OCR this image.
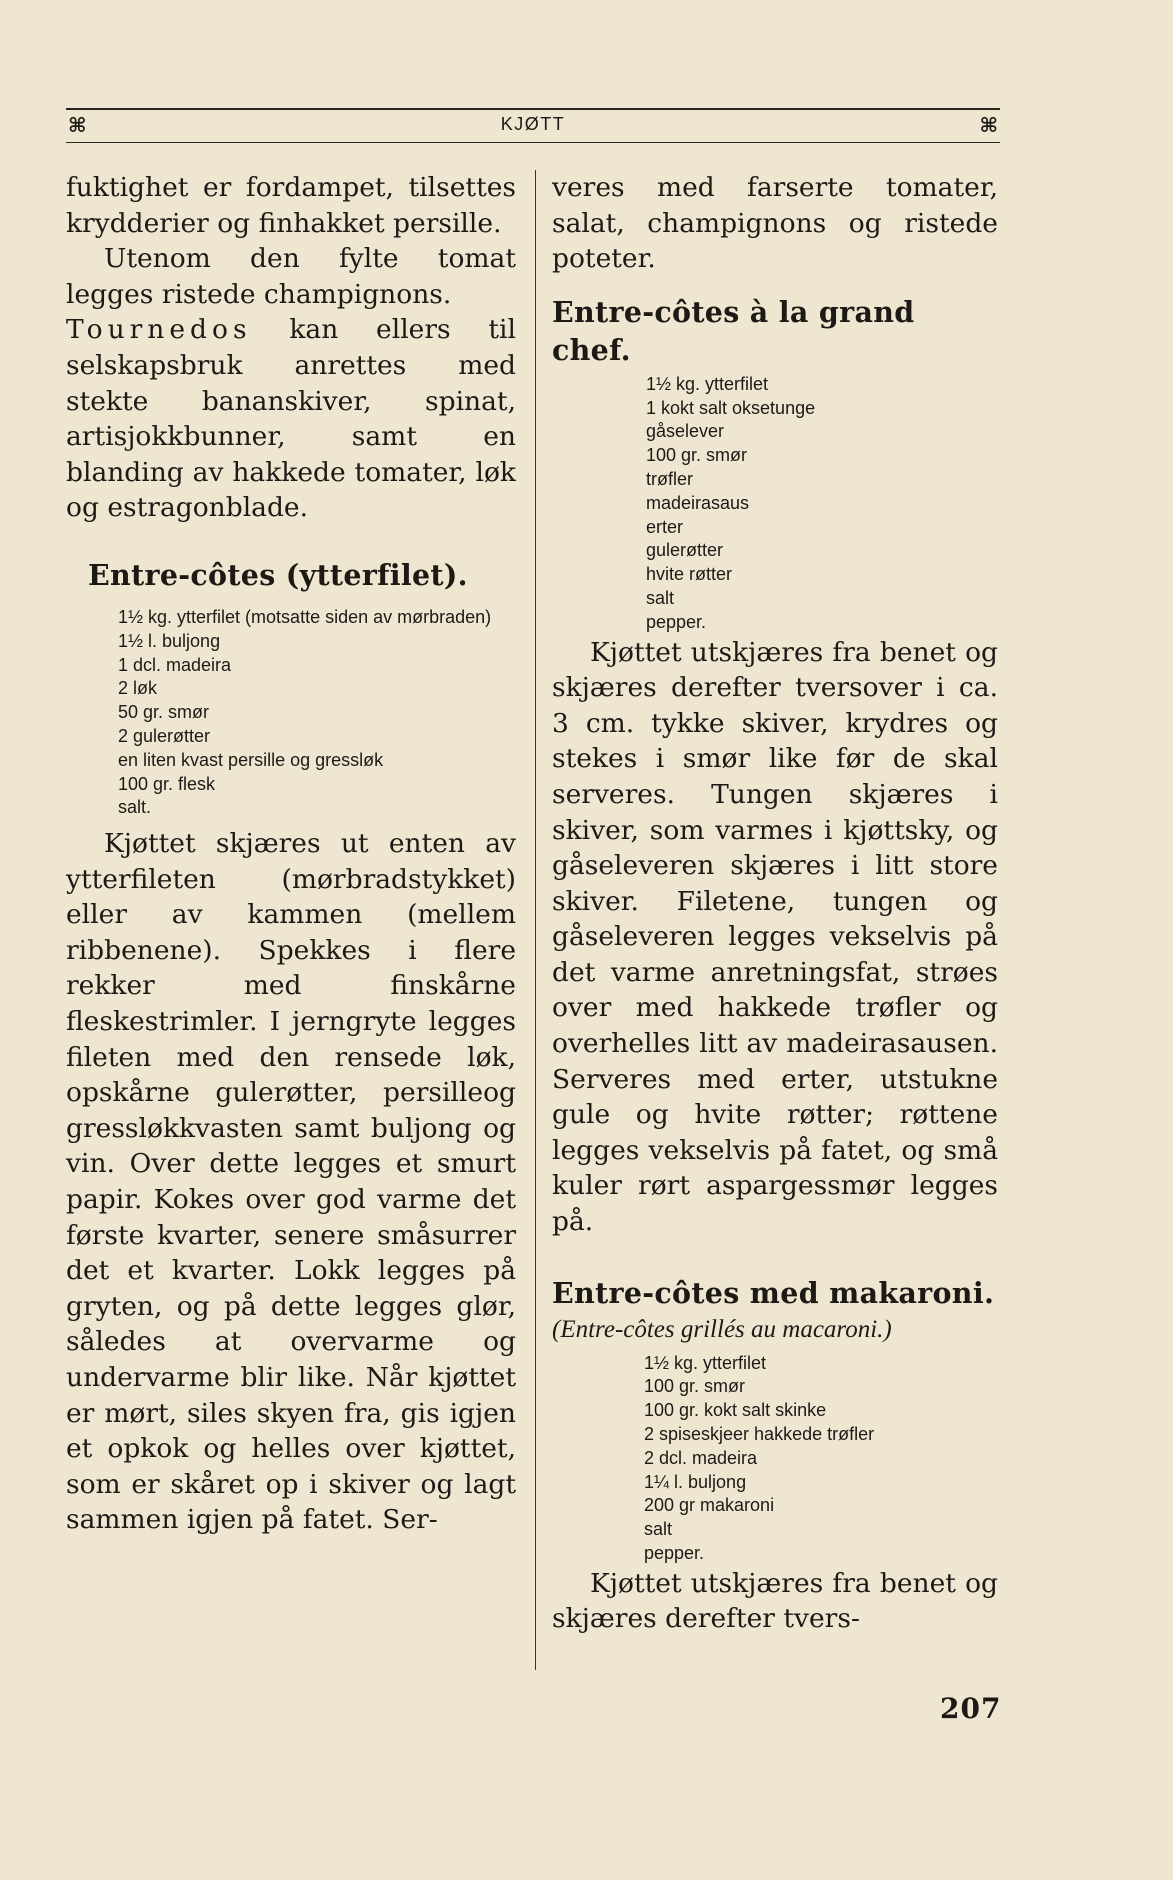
⌘	KJØTT	⌘

fuktighet er fordampet, tilsettes krydderier og finhakket persille.

Utenom den fylte tomat legges ristede champignons.

Tournedos kan ellers til selskapsbruk anrettes med stekte bananskiver, spinat, artisjokkbunner, samt en blanding av hakkede tomater, løk og estragonblade.

Entre-côtes (ytterfilet).
1½ kg. ytterfilet (motsatte siden av mørbraden)
1½ l. buljong
1 dcl. madeira
2 løk
50 gr. smør
2 gulerøtter
en liten kvast persille og gressløk
100 gr. flesk
salt.

Kjøttet skjæres ut enten av ytterfileten (mørbradstykket) eller av kammen (mellem ribbenene). Spekkes i flere rekker med finskårne fleskestrimler. I jerngryte legges fileten med den rensede løk, opskårne gulerøtter, persilleog gressløkkvasten samt buljong og vin. Over dette legges et smurt papir. Kokes over god varme det første kvarter, senere småsurrer det et kvarter. Lokk legges på gryten, og på dette legges glør, således at overvarme og undervarme blir like. Når kjøttet er mørt, siles skyen fra, gis igjen et opkok og helles over kjøttet, som er skåret op i skiver og lagt sammen igjen på fatet. Ser-

veres med farserte tomater, salat, champignons og ristede poteter.

Entre-côtes à la grand chef.
1½ kg. ytterfilet
1 kokt salt oksetunge
gåselever
100 gr. smør
trøfler
madeirasaus
erter
gulerøtter
hvite røtter
salt
pepper.

Kjøttet utskjæres fra benet og skjæres derefter tversover i ca. 3 cm. tykke skiver, krydres og stekes i smør like før de skal serveres. Tungen skjæres i skiver, som varmes i kjøttsky, og gåseleveren skjæres i litt store skiver. Filetene, tungen og gåseleveren legges vekselvis på det varme anretningsfat, strøes over med hakkede trøfler og overhelles litt av madeirasausen. Serveres med erter, utstukne gule og hvite røtter; røttene legges vekselvis på fatet, og små kuler rørt aspargessmør legges på.

Entre-côtes med makaroni.

(Entre-côtes grillés au macaroni.)

1½ kg. ytterfilet
100 gr. smør
100 gr. kokt salt skinke
2 spiseskjeer hakkede trøfler
2 dcl. madeira
1¼ l. buljong
200 gr makaroni
salt
pepper.

Kjøttet utskjæres fra benet og skjæres derefter tvers-

207
